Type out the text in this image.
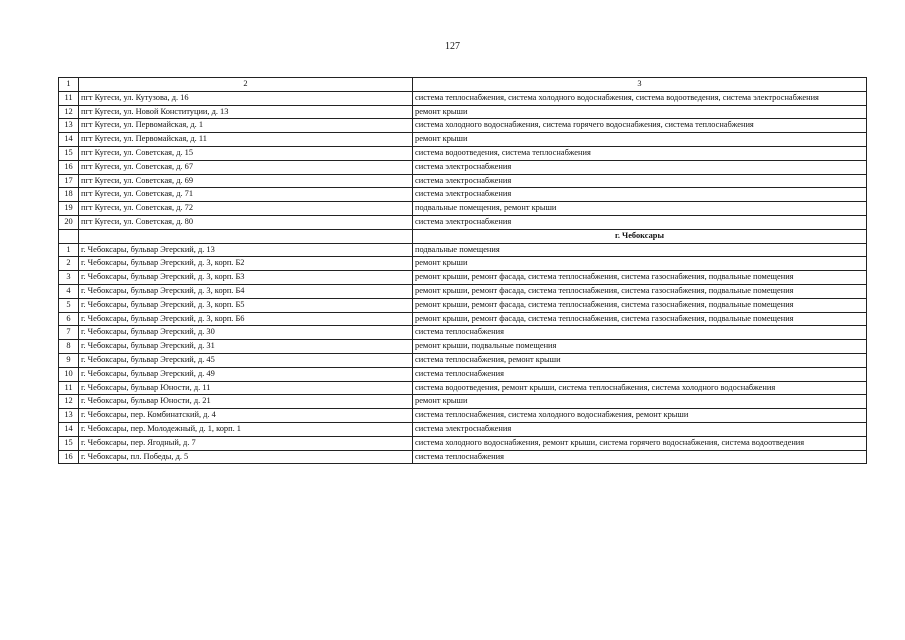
127
1	2	3
11	пгт Кугеси, ул. Кутузова, д. 16	система теплоснабжения, система холодного водоснабжения, система водоотведения, система электроснабжения
12	пгт Кугеси, ул. Новой Конституции, д. 13	ремонт крыши
13	пгт Кугеси, ул. Первомайская, д. 1	система холодного водоснабжения, система горячего водоснабжения, система теплоснабжения
14	пгт Кугеси, ул. Первомайская, д. 11	ремонт крыши
15	пгт Кугеси, ул. Советская, д. 15	система водоотведения, система теплоснабжения
16	пгт Кугеси, ул. Советская, д. 67	система электроснабжения
17	пгт Кугеси, ул. Советская, д. 69	система электроснабжения
18	пгт Кугеси, ул. Советская, д. 71	система электроснабжения
19	пгт Кугеси, ул. Советская, д. 72	подвальные помещения, ремонт крыши
20	пгт Кугеси, ул. Советская, д. 80	система электроснабжения
		г. Чебоксары
1	г. Чебоксары, бульвар Эгерский, д. 13	подвальные помещения
2	г. Чебоксары, бульвар Эгерский, д. 3, корп. Б2	ремонт крыши
3	г. Чебоксары, бульвар Эгерский, д. 3, корп. Б3	ремонт крыши, ремонт фасада, система теплоснабжения, система газоснабжения, подвальные помещения
4	г. Чебоксары, бульвар Эгерский, д. 3, корп. Б4	ремонт крыши, ремонт фасада, система теплоснабжения, система газоснабжения, подвальные помещения
5	г. Чебоксары, бульвар Эгерский, д. 3, корп. Б5	ремонт крыши, ремонт фасада, система теплоснабжения, система газоснабжения, подвальные помещения
6	г. Чебоксары, бульвар Эгерский, д. 3, корп. Б6	ремонт крыши, ремонт фасада, система теплоснабжения, система газоснабжения, подвальные помещения
7	г. Чебоксары, бульвар Эгерский, д. 30	система теплоснабжения
8	г. Чебоксары, бульвар Эгерский, д. 31	ремонт крыши, подвальные помещения
9	г. Чебоксары, бульвар Эгерский, д. 45	система теплоснабжения, ремонт крыши
10	г. Чебоксары, бульвар Эгерский, д. 49	система теплоснабжения
11	г. Чебоксары, бульвар Юности, д. 11	система водоотведения, ремонт крыши, система теплоснабжения, система холодного водоснабжения
12	г. Чебоксары, бульвар Юности, д. 21	ремонт крыши
13	г. Чебоксары, пер. Комбинатский, д. 4	система теплоснабжения, система холодного водоснабжения, ремонт крыши
14	г. Чебоксары, пер. Молодежный, д. 1, корп. 1	система электроснабжения
15	г. Чебоксары, пер. Ягодный, д. 7	система холодного водоснабжения, ремонт крыши, система горячего водоснабжения, система водоотведения
16	г. Чебоксары, пл. Победы, д. 5	система теплоснабжения
